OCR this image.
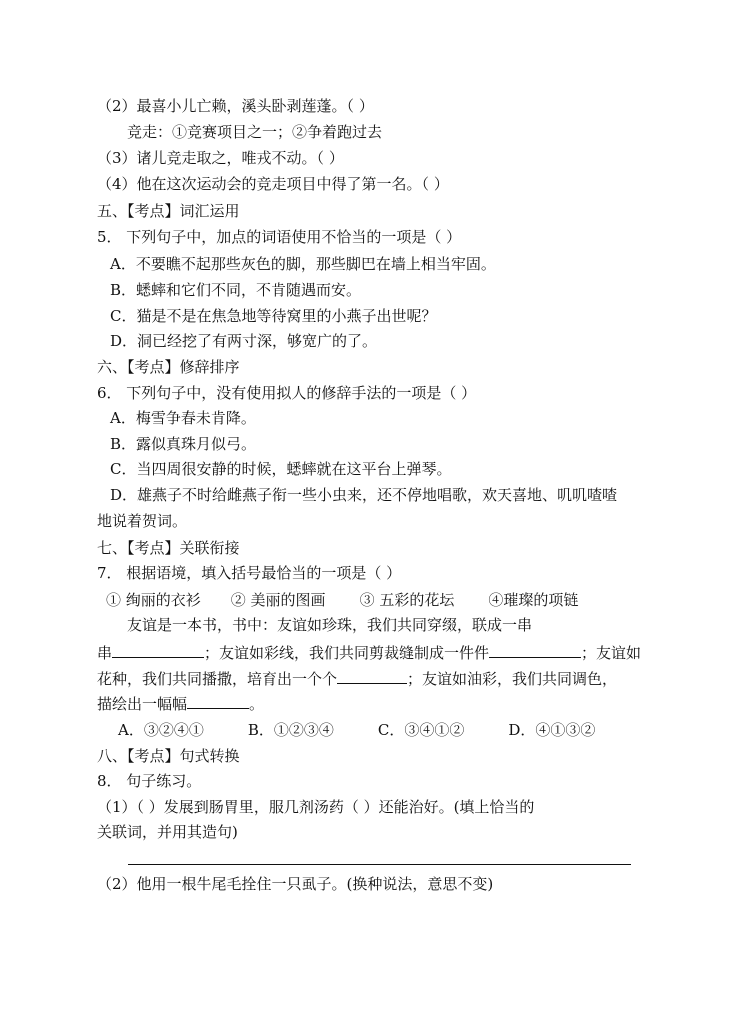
（2）最喜小儿亡赖，溪头卧剥莲蓬。（ ）
竞走：①竞赛项目之一；②争着跑过去
（3）诸儿竞走取之，唯戎不动。（ ）
（4）他在这次运动会的竞走项目中得了第一名。（ ）
五、【考点】词汇运用
5． 下列句子中，加点的词语使用不恰当的一项是（ ）
A．不要瞧不起那些灰色的脚，那些脚巴在墙上相当牢固。
B．蟋蟀和它们不同，不肯随遇而安。
C．猫是不是在焦急地等待窝里的小燕子出世呢？
D．洞已经挖了有两寸深，够宽广的了。
六、【考点】修辞排序
6． 下列句子中，没有使用拟人的修辞手法的一项是（ ）
A．梅雪争春未肯降。
B．露似真珠月似弓。
C．当四周很安静的时候，蟋蟀就在这平台上弹琴。
D．雄燕子不时给雌燕子衔一些小虫来，还不停地唱歌，欢天喜地、叽叽喳喳
地说着贺词。
七、【考点】关联衔接
7． 根据语境，填入括号最恰当的一项是（ ）
① 绚丽的衣衫 ② 美丽的图画 ③ 五彩的花坛 ④璀璨的项链
友谊是一本书，书中：友谊如珍珠，我们共同穿缀，联成一串
串	；友谊如彩线，我们共同剪裁缝制成一件件	；友谊如
花种，我们共同播撒，培育出一个个	；友谊如油彩，我们共同调色，
描绘出一幅幅	。
A．③②④①	B．①②③④	C．③④①②	D．④①③②
八、【考点】句式转换
8． 句子练习。
（1）（ ）发展到肠胃里，服几剂汤药（ ）还能治好。(填上恰当的
关联词，并用其造句)
（2）他用一根牛尾毛拴住一只虱子。(换种说法，意思不变)
